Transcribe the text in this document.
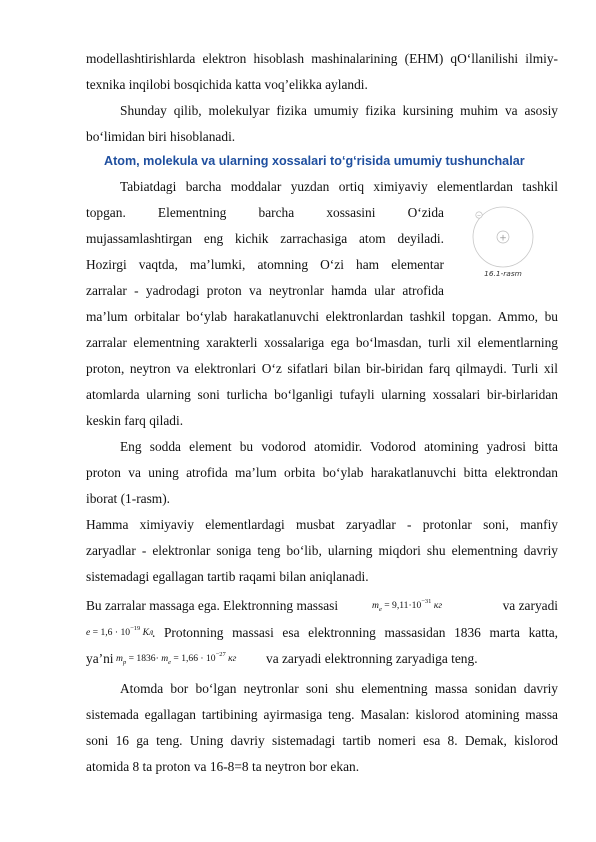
modellashtirishlarda elektron hisoblash mashinalarining (EHM) qO‘llanilishi ilmiy-
texnika inqilobi bosqichida katta voq’elikka aylandi.
Shunday qilib, molekulyar fizika umumiy fizika kursining muhim va asosiy
bo‘limidan biri hisoblanadi.
Atom, molekula va ularning xossalari to‘g‘risida umumiy tushunchalar
Tabiatdagi barcha moddalar yuzdan ortiq ximiyaviy elementlardan tashkil
topgan. Elementning barcha xossasini O‘zida
mujassamlashtirgan eng kichik zarrachasiga atom deyiladi.
Hozirgi vaqtda, ma’lumki, atomning O‘zi ham elementar
zarralar - yadrodagi proton va neytronlar hamda ular atrofida
ma’lum orbitalar bo‘ylab harakatlanuvchi elektronlardan tashkil topgan. Ammo, bu
zarralar elementning xarakterli xossalariga ega bo‘lmasdan, turli xil elementlarning
proton, neytron va elektronlari O‘z sifatlari bilan bir-biridan farq qilmaydi. Turli xil
atomlarda ularning soni turlicha bo‘lganligi tufayli ularning xossalari bir-birlaridan
keskin farq qiladi.
Eng sodda element bu vodorod atomidir. Vodorod atomining yadrosi bitta
proton va uning atrofida ma’lum orbita bo‘ylab harakatlanuvchi bitta elektrondan
iborat (1-rasm).
Hamma ximiyaviy elementlardagi musbat zaryadlar - protonlar soni, manfiy
zaryadlar - elektronlar soniga teng bo‘lib, ularning miqdori shu elementning davriy
sistemadagi egallagan tartib raqami bilan aniqlanadi.
Bu zarralar massaga ega. Elektronning massasi	$m_e = 9,11\cdot 10^{-31}$ кг	va zaryadi
$e = 1,6 \cdot 10^{-19}$ Кл
. Protonning massasi esa elektronning massasidan 1836 marta katta,
ya’ni $m_p = 1836\cdot m_e = 1,66 \cdot 10^{-27}$ кг va zaryadi elektronning zaryadiga teng.
Atomda bor bo‘lgan neytronlar soni shu elementning massa sonidan davriy
sistemada egallagan tartibining ayirmasiga teng. Masalan: kislorod atomining massa
soni 16 ga teng. Uning davriy sistemadagi tartib nomeri esa 8. Demak, kislorod
atomida 8 ta proton va 16-8=8 ta neytron bor ekan.
+
−
16.1-rasm
